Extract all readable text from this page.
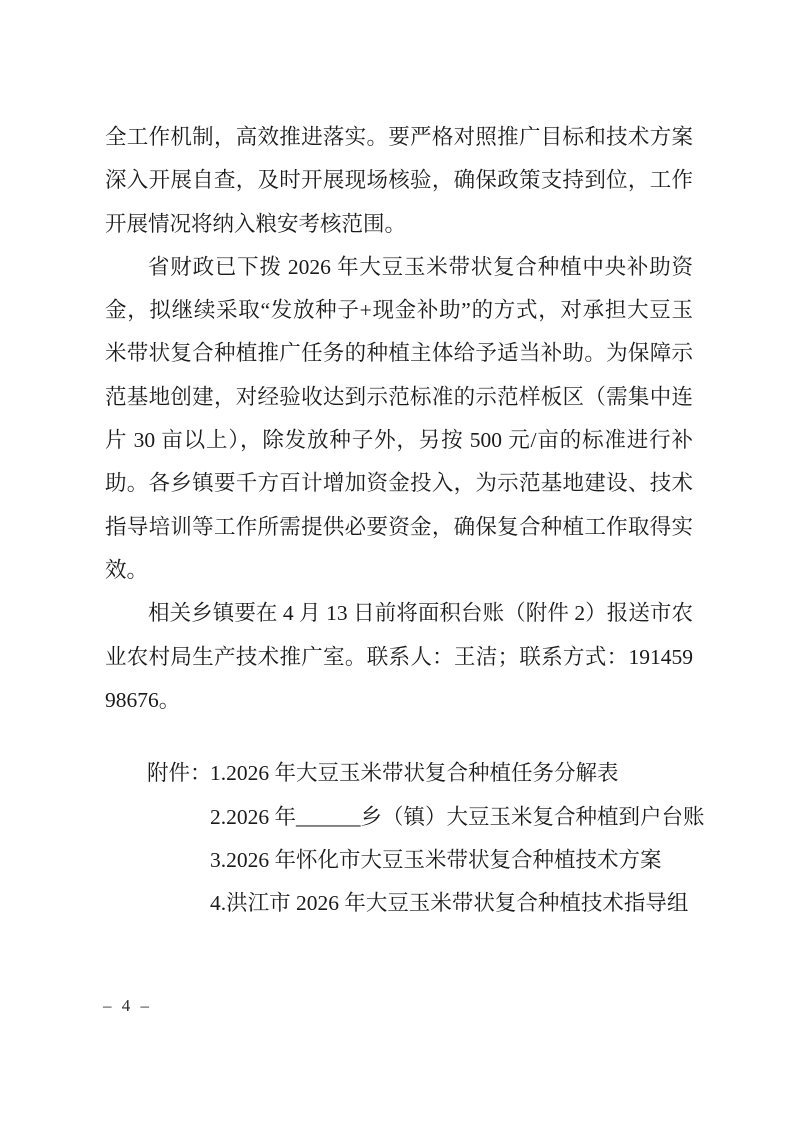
全工作机制，高效推进落实。要严格对照推广目标和技术方案深入开展自查，及时开展现场核验，确保政策支持到位，工作开展情况将纳入粮安考核范围。

省财政已下拨 2026 年大豆玉米带状复合种植中央补助资金，拟继续采取“发放种子+现金补助”的方式，对承担大豆玉米带状复合种植推广任务的种植主体给予适当补助。为保障示范基地创建，对经验收达到示范标准的示范样板区（需集中连片 30 亩以上），除发放种子外，另按 500 元/亩的标准进行补助。各乡镇要千方百计增加资金投入，为示范基地建设、技术指导培训等工作所需提供必要资金，确保复合种植工作取得实效。

相关乡镇要在 4 月 13 日前将面积台账（附件 2）报送市农业农村局生产技术推广室。联系人：王洁；联系方式：19145998676。

附件：
1.2026 年大豆玉米带状复合种植任务分解表
2.2026 年______乡（镇）大豆玉米复合种植到户台账
3.2026 年怀化市大豆玉米带状复合种植技术方案
4.洪江市 2026 年大豆玉米带状复合种植技术指导组
– 4 –
